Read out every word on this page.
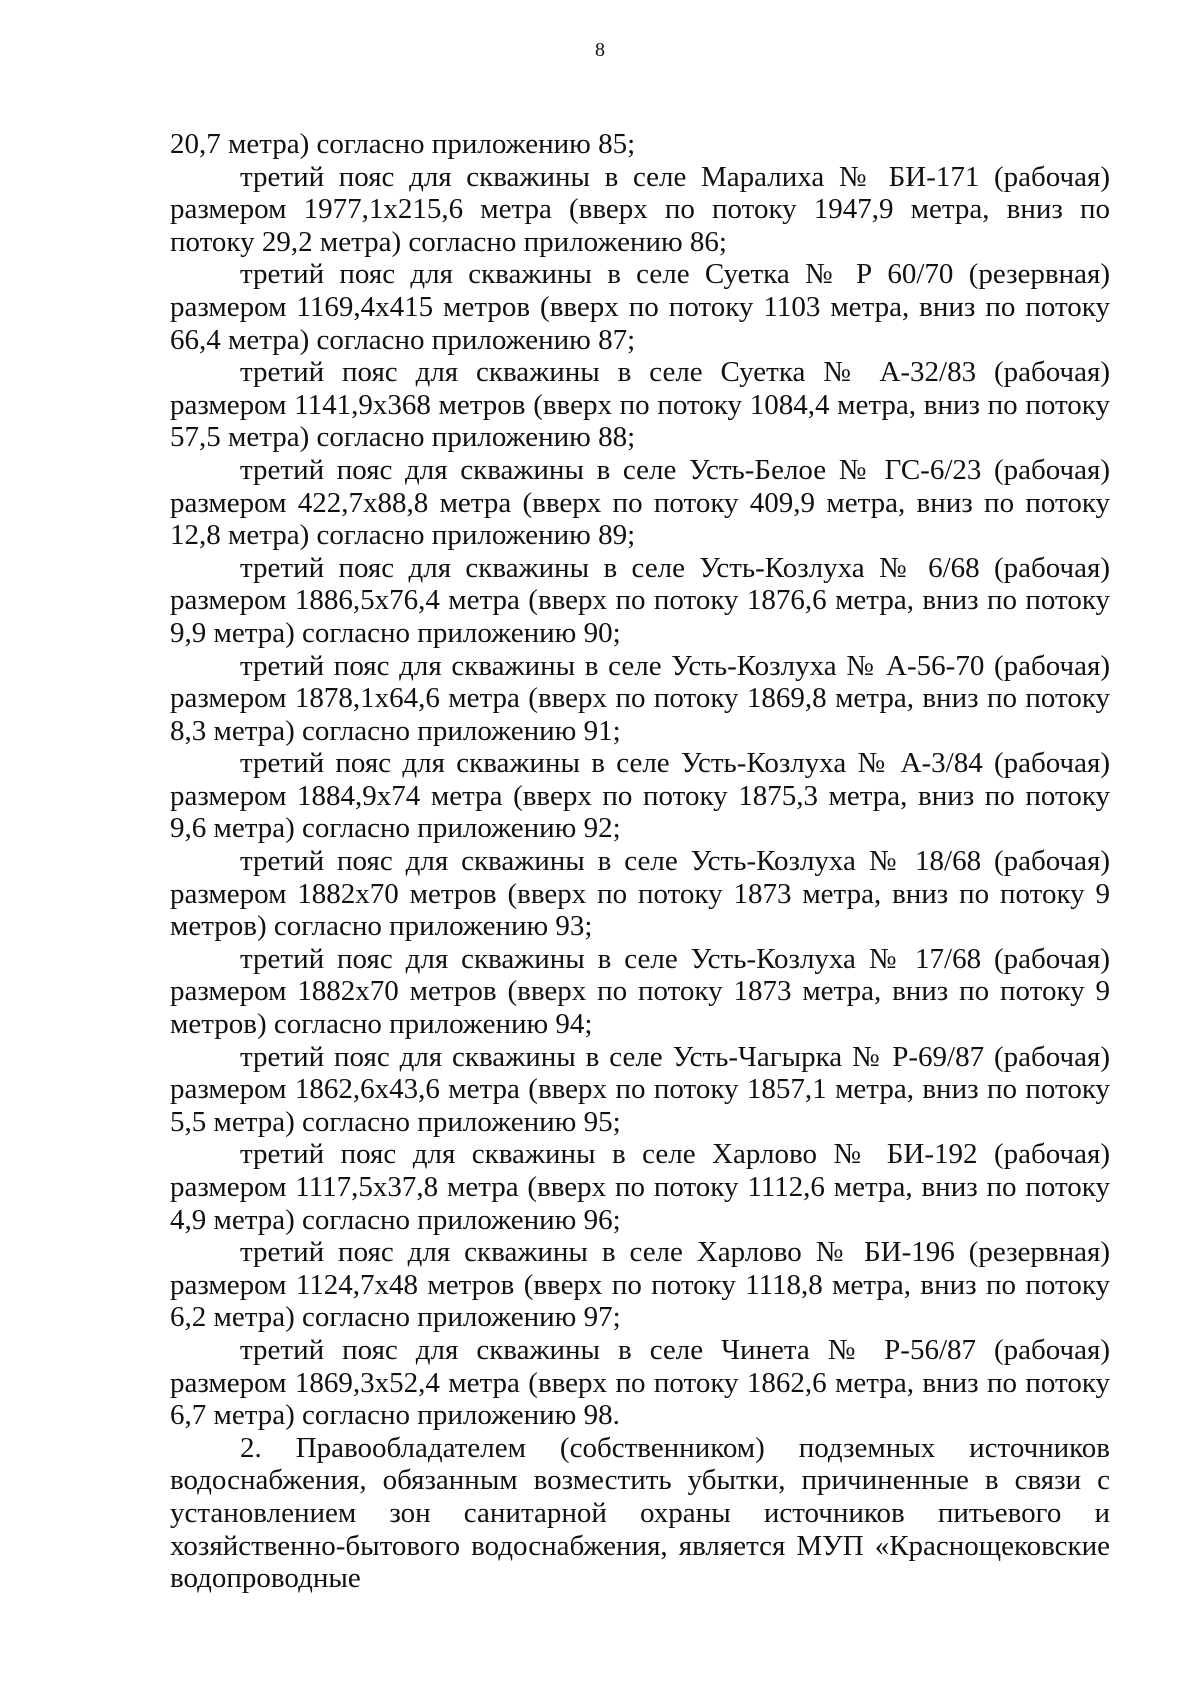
8

20,7 метра) согласно приложению 85;

третий пояс для скважины в селе Маралиха № БИ-171 (рабочая) размером 1977,1х215,6 метра (вверх по потоку 1947,9 метра, вниз по потоку 29,2 метра) согласно приложению 86;

третий пояс для скважины в селе Суетка № Р 60/70 (резервная) размером 1169,4х415 метров (вверх по потоку 1103 метра, вниз по потоку 66,4 метра) согласно приложению 87;

третий пояс для скважины в селе Суетка № А-32/83 (рабочая) размером 1141,9х368 метров (вверх по потоку 1084,4 метра, вниз по потоку 57,5 метра) согласно приложению 88;

третий пояс для скважины в селе Усть-Белое № ГС-6/23 (рабочая) размером 422,7х88,8 метра (вверх по потоку 409,9 метра, вниз по потоку 12,8 метра) согласно приложению 89;

третий пояс для скважины в селе Усть-Козлуха № 6/68 (рабочая) размером 1886,5х76,4 метра (вверх по потоку 1876,6 метра, вниз по потоку 9,9 метра) согласно приложению 90;

третий пояс для скважины в селе Усть-Козлуха № А-56-70 (рабочая) размером 1878,1х64,6 метра (вверх по потоку 1869,8 метра, вниз по потоку 8,3 метра) согласно приложению 91;

третий пояс для скважины в селе Усть-Козлуха № А-3/84 (рабочая) размером 1884,9х74 метра (вверх по потоку 1875,3 метра, вниз по потоку 9,6 метра) согласно приложению 92;

третий пояс для скважины в селе Усть-Козлуха № 18/68 (рабочая) размером 1882х70 метров (вверх по потоку 1873 метра, вниз по потоку 9 метров) согласно приложению 93;

третий пояс для скважины в селе Усть-Козлуха № 17/68 (рабочая) размером 1882х70 метров (вверх по потоку 1873 метра, вниз по потоку 9 метров) согласно приложению 94;

третий пояс для скважины в селе Усть-Чагырка № Р-69/87 (рабочая) размером 1862,6х43,6 метра (вверх по потоку 1857,1 метра, вниз по потоку 5,5 метра) согласно приложению 95;

третий пояс для скважины в селе Харлово № БИ-192 (рабочая) размером 1117,5х37,8 метра (вверх по потоку 1112,6 метра, вниз по потоку 4,9 метра) согласно приложению 96;

третий пояс для скважины в селе Харлово № БИ-196 (резервная) размером 1124,7х48 метров (вверх по потоку 1118,8 метра, вниз по потоку 6,2 метра) согласно приложению 97;

третий пояс для скважины в селе Чинета № Р-56/87 (рабочая) размером 1869,3х52,4 метра (вверх по потоку 1862,6 метра, вниз по потоку 6,7 метра) согласно приложению 98.

2. Правообладателем (собственником) подземных источников водоснабжения, обязанным возместить убытки, причиненные в связи с установлением зон санитарной охраны источников питьевого и хозяйственно-бытового водоснабжения, является МУП «Краснощековские водопроводные
